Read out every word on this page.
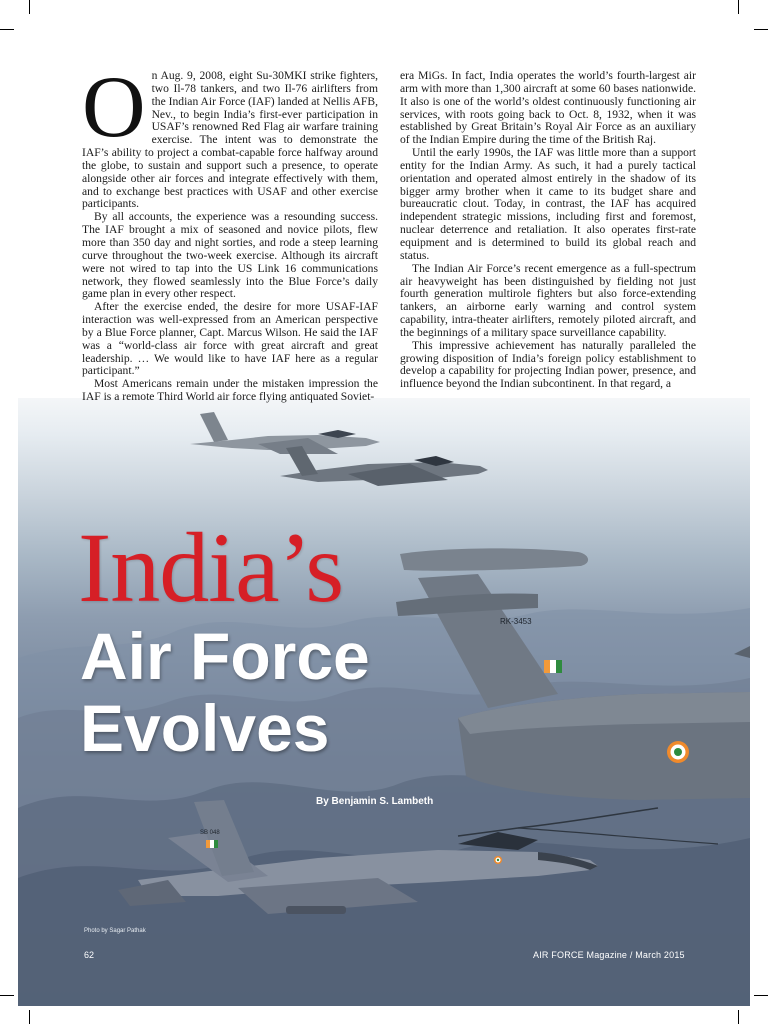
RK-3453
SB 048

On Aug. 9, 2008, eight Su-30MKI strike fighters, two Il-78 tankers, and two Il-76 airlifters from the Indian Air Force (IAF) landed at Nellis AFB, Nev., to begin India’s first-ever participation in USAF’s renowned Red Flag air warfare training exercise. The intent was to demonstrate the IAF’s ability to project a combat-capable force halfway around the globe, to sustain and support such a presence, to operate alongside other air forces and integrate effectively with them, and to exchange best practices with USAF and other exercise participants.

By all accounts, the experience was a resounding success. The IAF brought a mix of seasoned and novice pilots, flew more than 350 day and night sorties, and rode a steep learning curve throughout the two-week exercise. Although its aircraft were not wired to tap into the US Link 16 communications network, they flowed seamlessly into the Blue Force’s daily game plan in every other respect.

After the exercise ended, the desire for more USAF-IAF interaction was well-expressed from an American perspective by a Blue Force planner, Capt. Marcus Wilson. He said the IAF was a “world-class air force with great aircraft and great leadership. … We would like to have IAF here as a regular participant.”

Most Americans remain under the mistaken impression the IAF is a remote Third World air force flying antiquated Soviet-

era MiGs. In fact, India operates the world’s fourth-largest air arm with more than 1,300 aircraft at some 60 bases nationwide. It also is one of the world’s oldest continuously functioning air services, with roots going back to Oct. 8, 1932, when it was established by Great Britain’s Royal Air Force as an auxiliary of the Indian Empire during the time of the British Raj.

Until the early 1990s, the IAF was little more than a support entity for the Indian Army. As such, it had a purely tactical orientation and operated almost entirely in the shadow of its bigger army brother when it came to its budget share and bureaucratic clout. Today, in contrast, the IAF has acquired independent strategic missions, including first and foremost, nuclear deterrence and retaliation. It also operates first-rate equipment and is determined to build its global reach and status.

The Indian Air Force’s recent emergence as a full-spectrum air heavyweight has been distinguished by fielding not just fourth generation multirole fighters but also force-extending tankers, an airborne early warning and control system capability, intra-theater airlifters, remotely piloted aircraft, and the beginnings of a military space surveillance capability.

This impressive achievement has naturally paralleled the growing disposition of India’s foreign policy establishment to develop a capability for projecting Indian power, presence, and influence beyond the Indian subcontinent. In that regard, a

India’s
Air Force
Evolves
By Benjamin S. Lambeth
Photo by Sagar Pathak
62	AIR FORCE Magazine / March 2015
